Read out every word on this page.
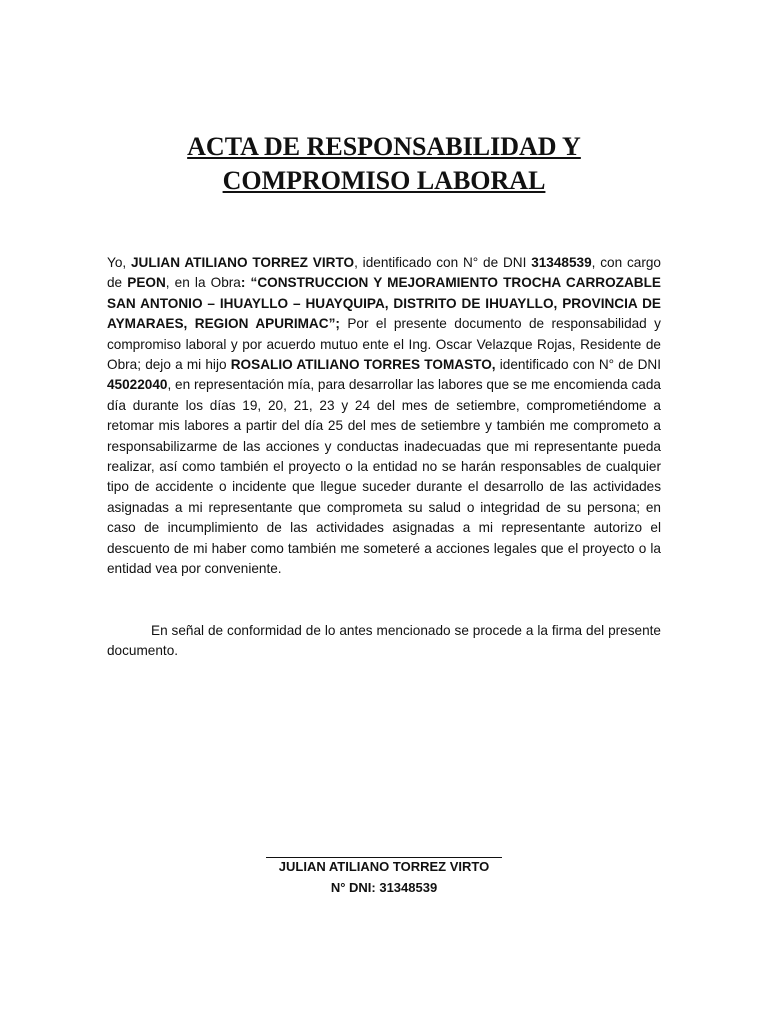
ACTA DE RESPONSABILIDAD Y
COMPROMISO LABORAL

Yo, JULIAN ATILIANO TORREZ VIRTO, identificado con N° de DNI 31348539, con cargo de PEON, en la Obra: “CONSTRUCCION Y MEJORAMIENTO TROCHA CARROZABLE SAN ANTONIO – IHUAYLLO – HUAYQUIPA, DISTRITO DE IHUAYLLO, PROVINCIA DE AYMARAES, REGION APURIMAC”; Por el presente documento de responsabilidad y compromiso laboral y por acuerdo mutuo ente el Ing. Oscar Velazque Rojas, Residente de Obra; dejo a mi hijo ROSALIO ATILIANO TORRES TOMASTO, identificado con N° de DNI 45022040, en representación mía, para desarrollar las labores que se me encomienda cada día durante los días 19, 20, 21, 23 y 24 del mes de setiembre, comprometiéndome a retomar mis labores a partir del día 25 del mes de setiembre y también me comprometo a responsabilizarme de las acciones y conductas inadecuadas que mi representante pueda realizar, así como también el proyecto o la entidad no se harán responsables de cualquier tipo de accidente o incidente que llegue suceder durante el desarrollo de las actividades asignadas a mi representante que comprometa su salud o integridad de su persona; en caso de incumplimiento de las actividades asignadas a mi representante autorizo el descuento de mi haber como también me someteré a acciones legales que el proyecto o la entidad vea por conveniente.

En señal de conformidad de lo antes mencionado se procede a la firma del presente documento.

JULIAN ATILIANO TORREZ VIRTO
N° DNI: 31348539
